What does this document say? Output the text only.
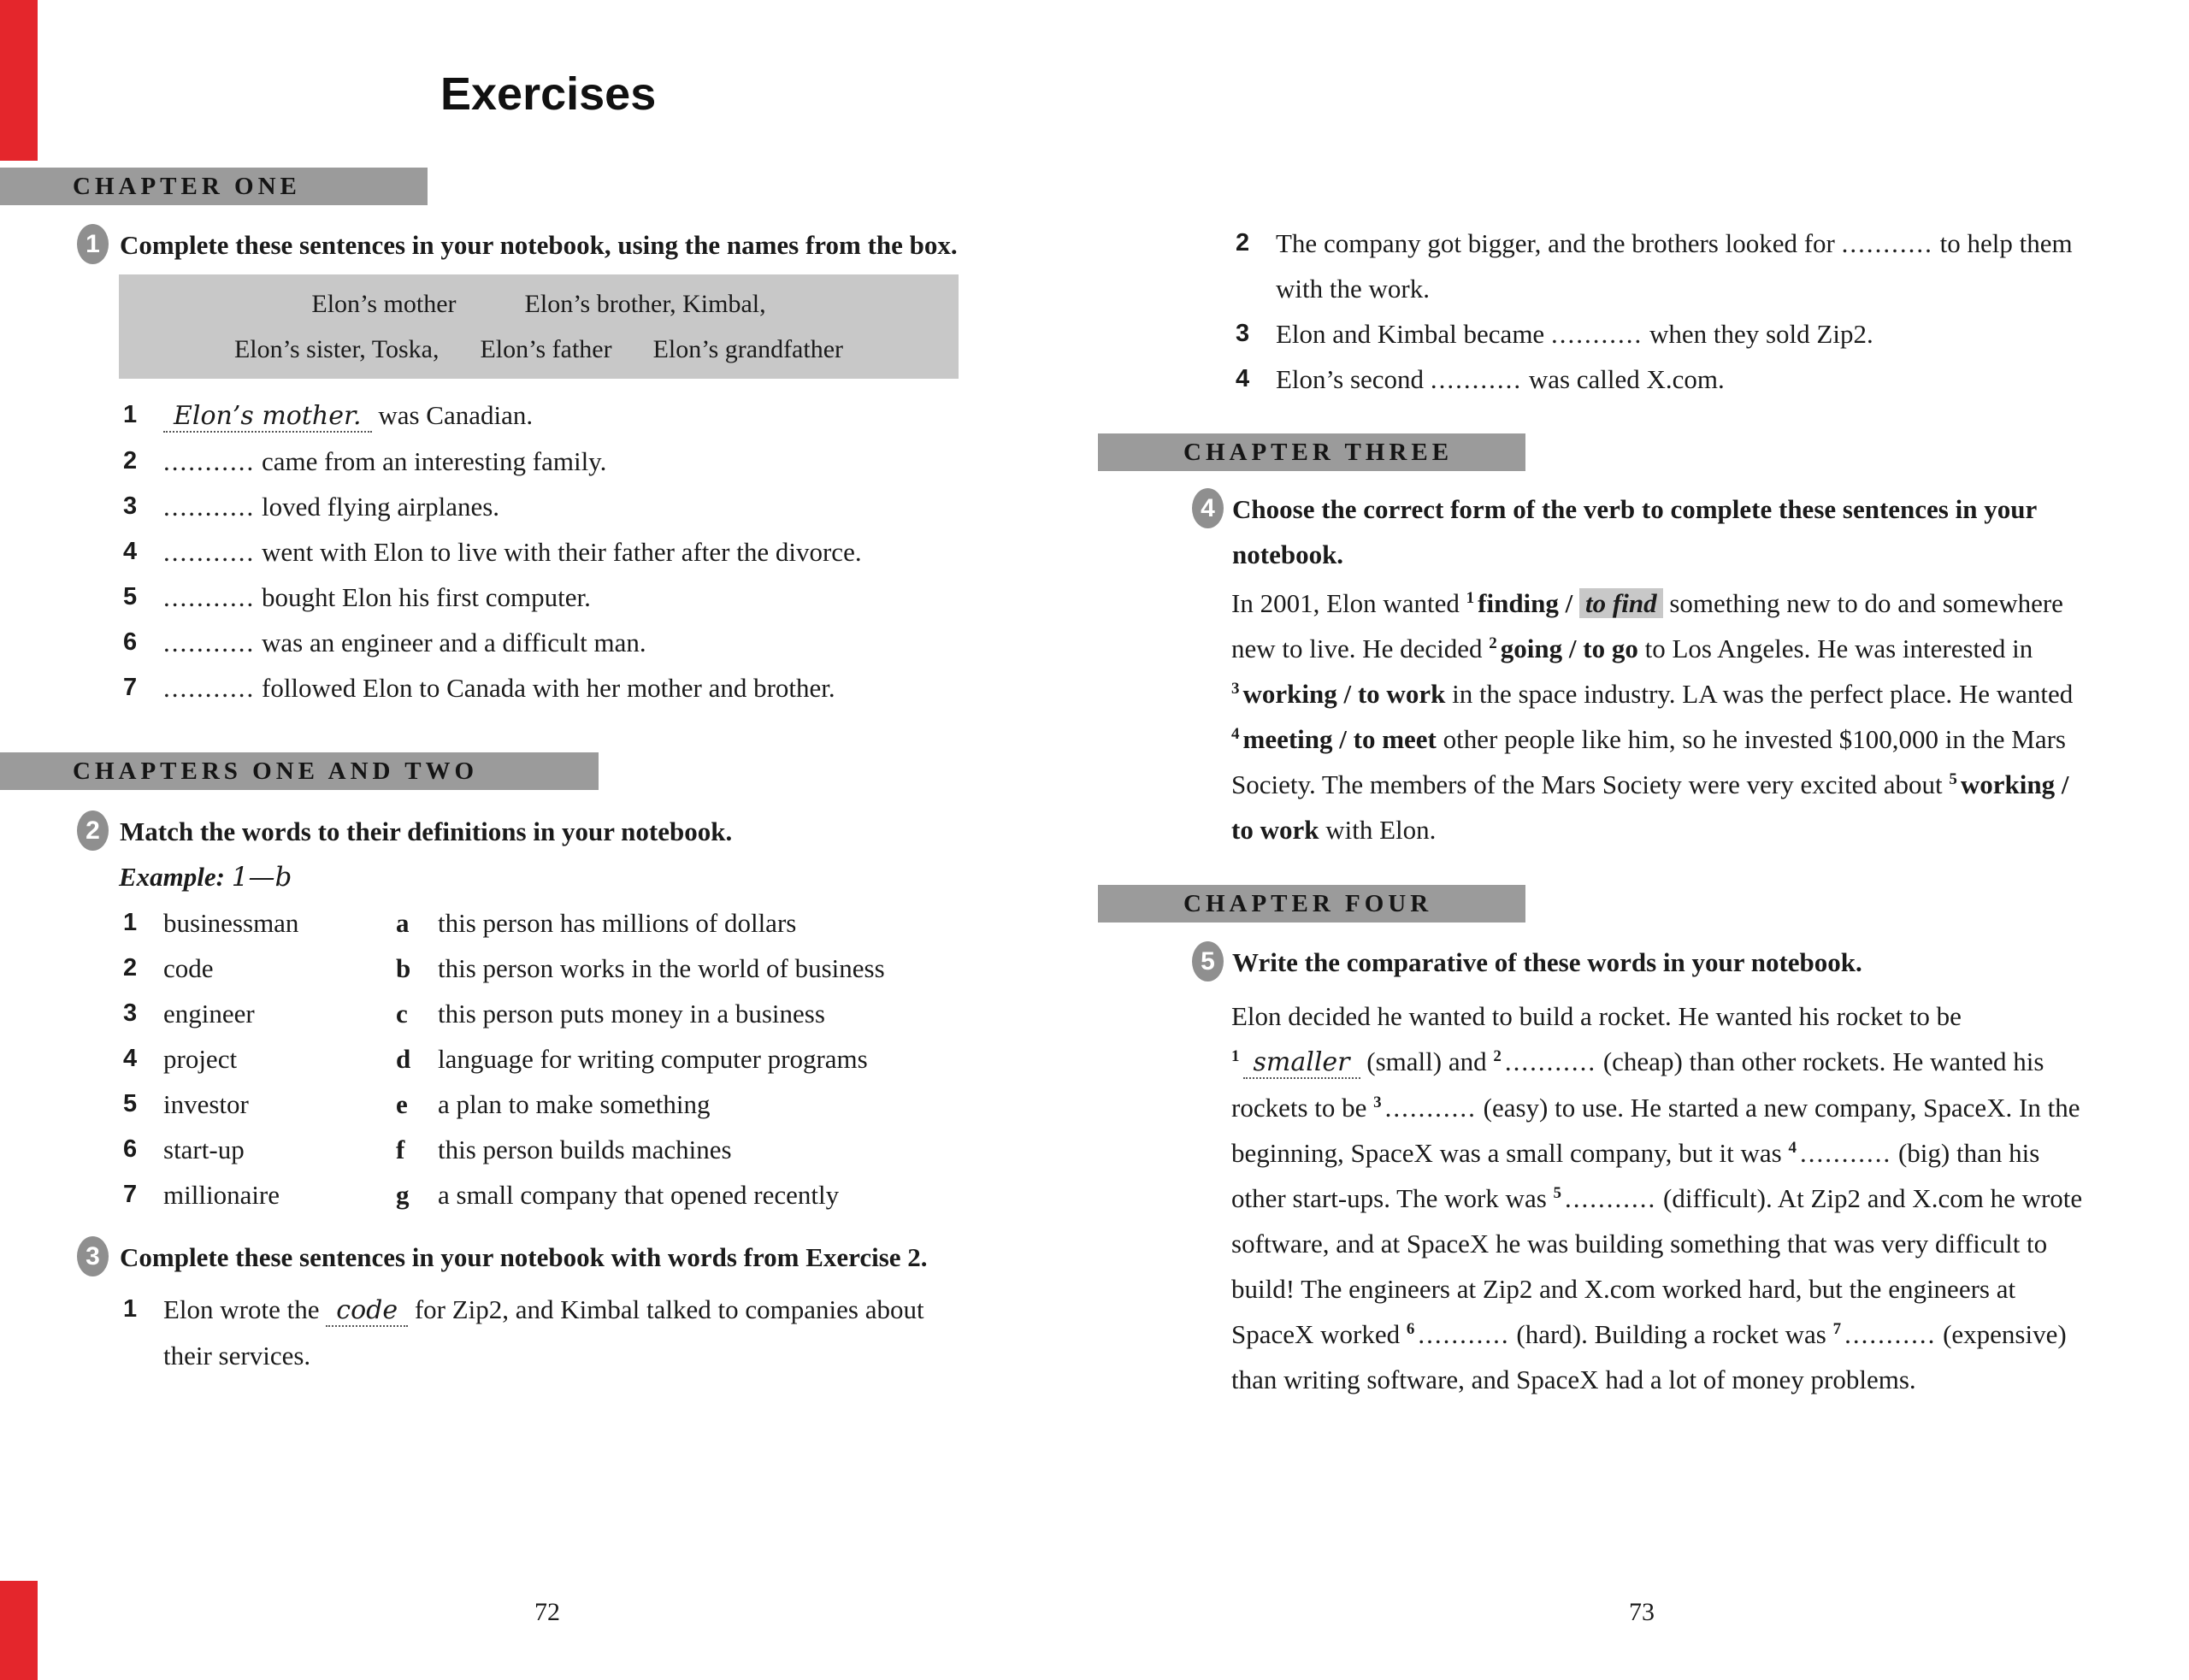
Exercises
CHAPTER ONE
1 Complete these sentences in your notebook, using the names from the box.

Elon’s mother	Elon’s brother, Kimbal,
Elon’s sister, Toska, Elon’s father Elon’s grandfather
1	Elon’s mother. was Canadian.
2 ........... came from an interesting family.
3 ........... loved flying airplanes.
4 ........... went with Elon to live with their father after the divorce.
5 ........... bought Elon his first computer.
6 ........... was an engineer and a difficult man.
7 ........... followed Elon to Canada with her mother and brother.
CHAPTERS ONE AND TWO
2 Match the words to their definitions in your notebook.

Example: 1—b

1 businessman	a	this person has millions of dollars
2 code	b	this person works in the world of business
3 engineer	c	this person puts money in a business
4 project	d	language for writing computer programs
5 investor	e	a plan to make something
6 start-up	f	this person builds machines
7 millionaire	g	a small company that opened recently
3 Complete these sentences in your notebook with words from Exercise 2.

1 Elon wrote the code for Zip2, and Kimbal talked to companies about their services.
72
2 The company got bigger, and the brothers looked for ........... to help them with the work.
3 Elon and Kimbal became ........... when they sold Zip2.
4 Elon’s second ........... was called X.com.
CHAPTER THREE
4 Choose the correct form of the verb to complete these sentences in your notebook.

In 2001, Elon wanted $^1$ finding / to find something new to do and somewhere new to live. He decided $^2$ going / to go to Los Angeles. He was interested in $^3$ working / to work in the space industry. LA was the perfect place. He wanted $^4$ meeting / to meet other people like him, so he invested $100,000 in the Mars Society. The members of the Mars Society were very excited about $^5$ working / to work with Elon.

CHAPTER FOUR
5 Write the comparative of these words in your notebook.

Elon decided he wanted to build a rocket. He wanted his rocket to be $^1$ smaller (small) and $^2$ ........... (cheap) than other rockets. He wanted his rockets to be $^3$ ........... (easy) to use. He started a new company, SpaceX. In the beginning, SpaceX was a small company, but it was $^4$ ........... (big) than his other start-ups. The work was $^5$ ........... (difficult). At Zip2 and X.com he wrote software, and at SpaceX he was building something that was very difficult to build! The engineers at Zip2 and X.com worked hard, but the engineers at SpaceX worked $^6$ ........... (hard). Building a rocket was $^7$ ........... (expensive) than writing software, and SpaceX had a lot of money problems.

73
